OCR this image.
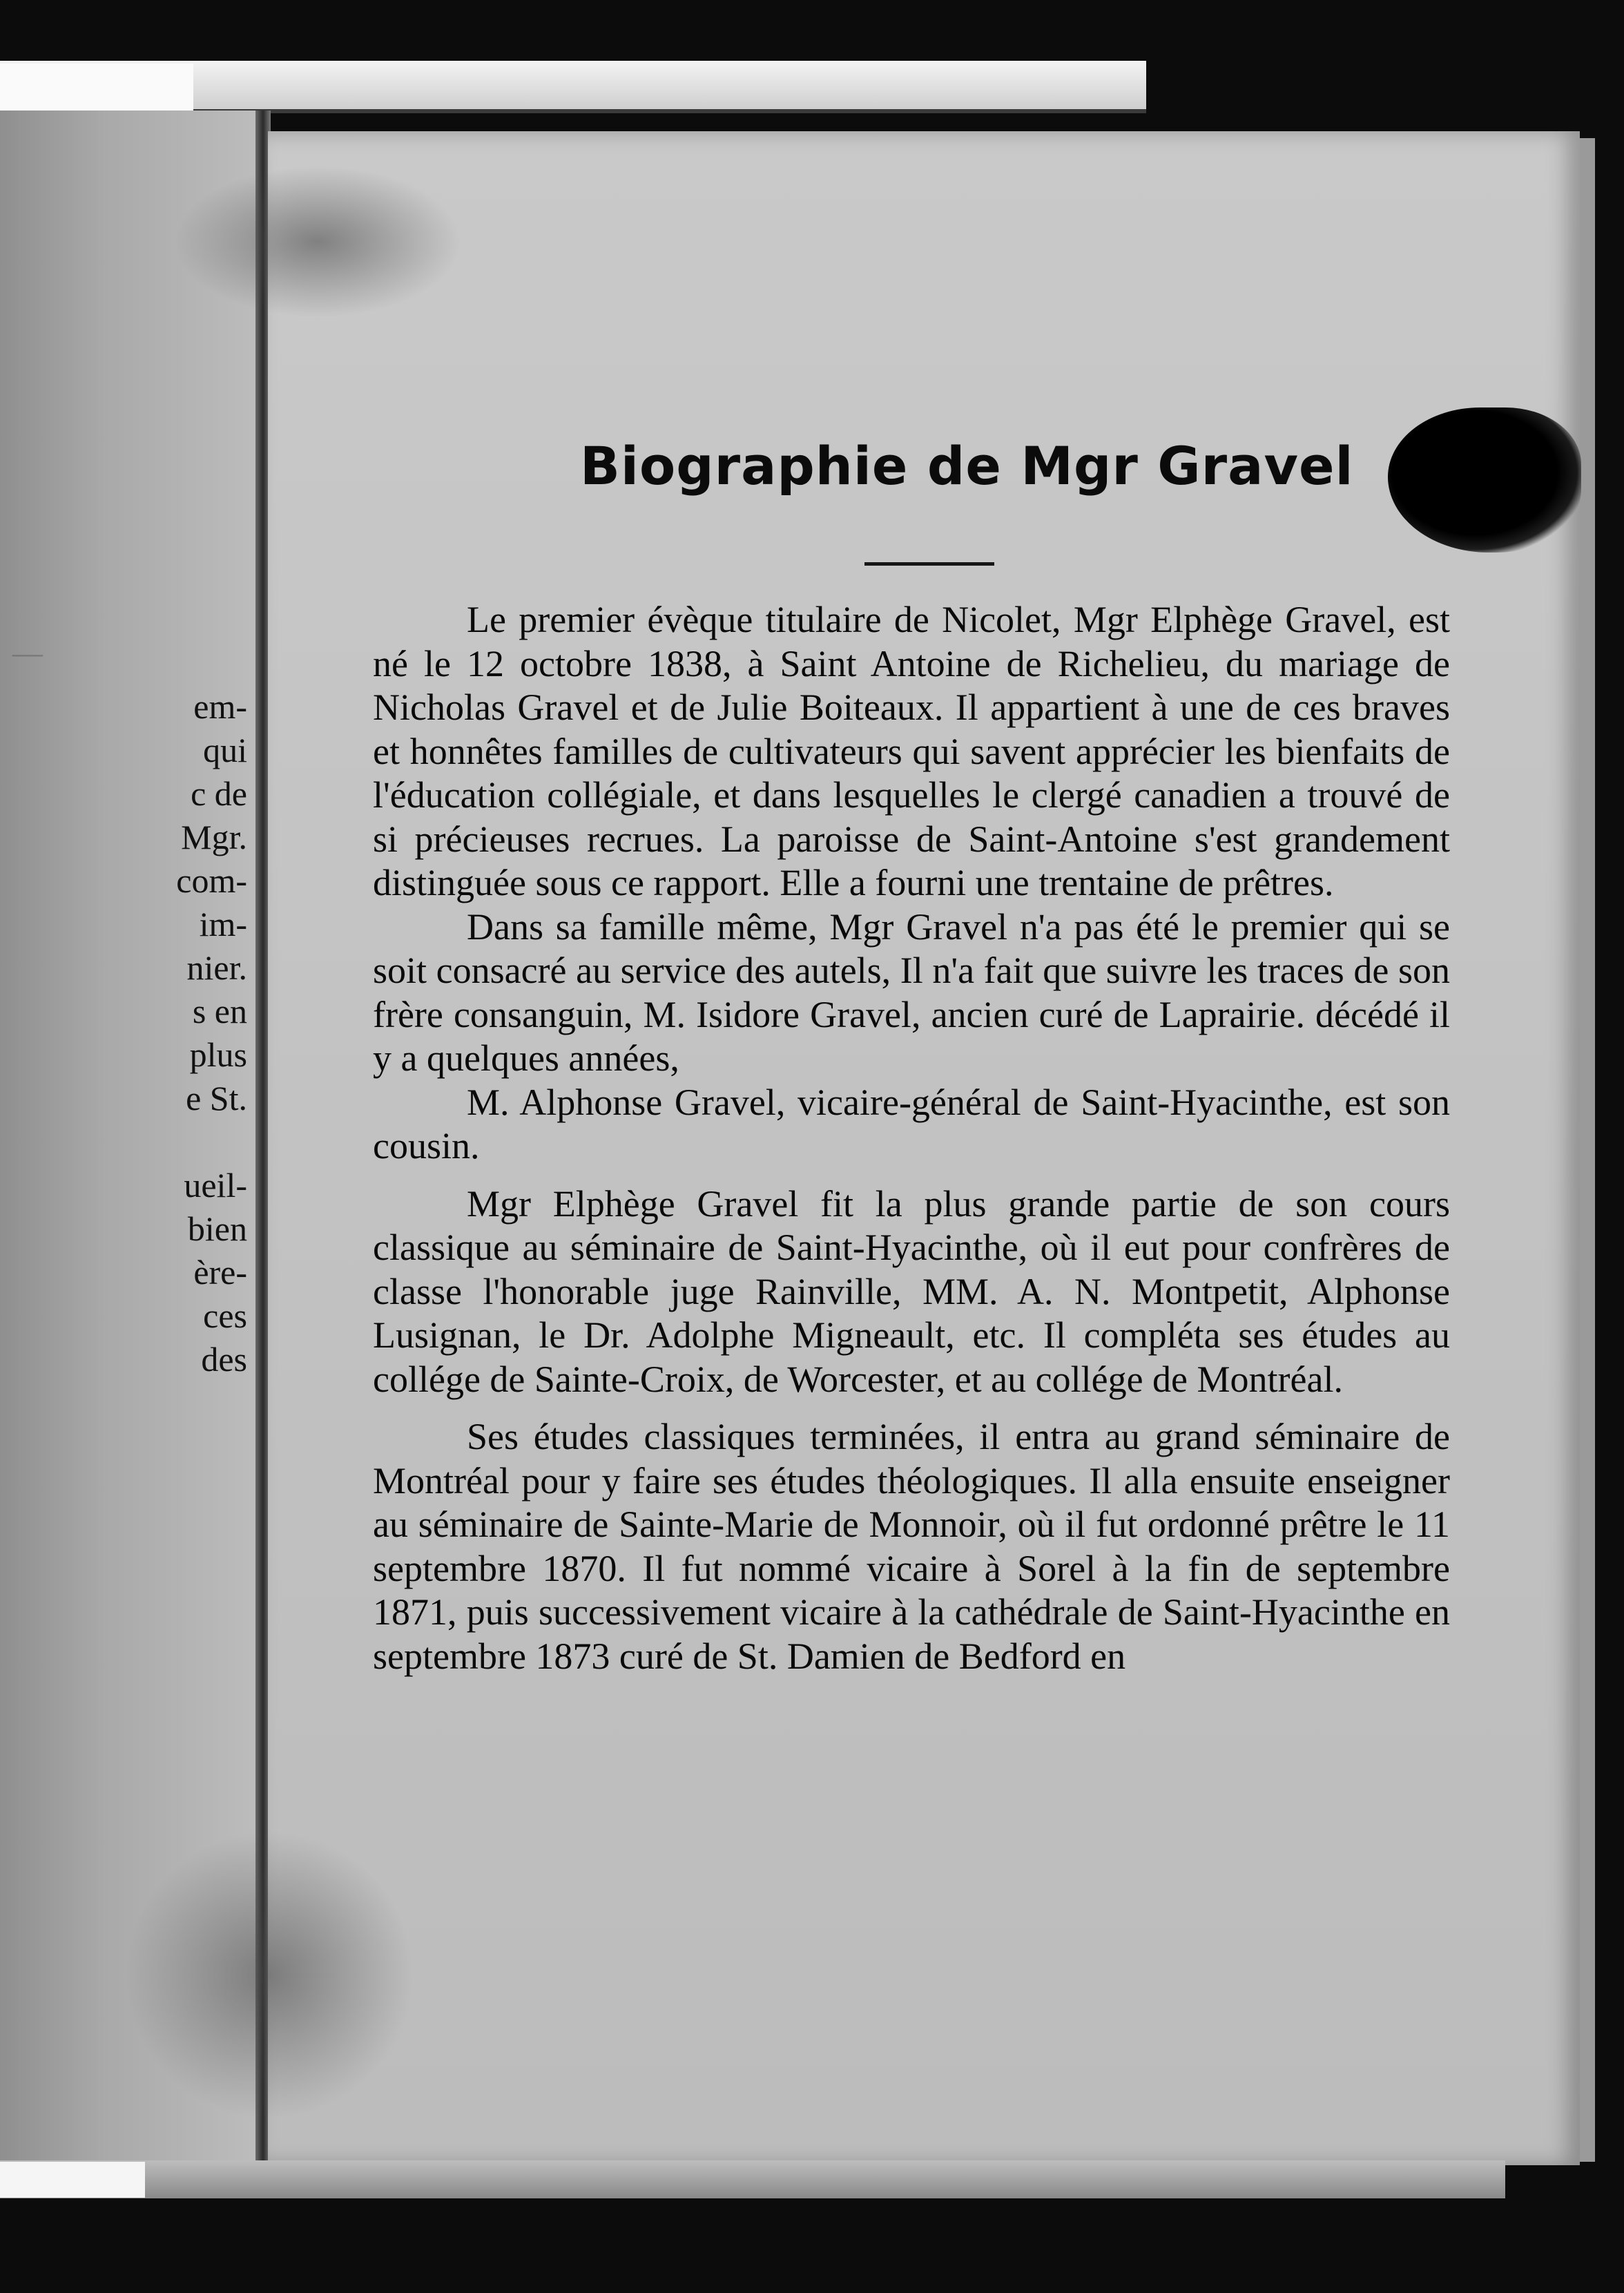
—
em-
qui
c de
Mgr.
com-
im-
nier.
s en
plus
e St.
ueil-
bien
ère-
ces
des
Biographie de Mgr Gravel

Le premier évèque titulaire de Nicolet, Mgr Elphège Gravel, est né le 12 octobre 1838, à Saint Antoine de Richelieu, du mariage de Nicholas Gravel et de Julie Boiteaux. Il appartient à une de ces braves et honnêtes familles de cultivateurs qui savent apprécier les bienfaits de l'éducation collégiale, et dans lesquelles le clergé canadien a trouvé de si précieuses recrues. La paroisse de Saint-Antoine s'est grandement distinguée sous ce rapport. Elle a fourni une trentaine de prêtres.

Dans sa famille même, Mgr Gravel n'a pas été le premier qui se soit consacré au service des autels, Il n'a fait que suivre les traces de son frère consanguin, M. Isidore Gravel, ancien curé de Laprairie. décédé il y a quelques années,

M. Alphonse Gravel, vicaire-général de Saint-Hyacinthe, est son cousin.

Mgr Elphège Gravel fit la plus grande partie de son cours classique au séminaire de Saint-Hyacinthe, où il eut pour confrères de classe l'honorable juge Rainville, MM. A. N. Montpetit, Alphonse Lusignan, le Dr. Adolphe Migneault, etc. Il compléta ses études au collége de Sainte-Croix, de Worcester, et au collége de Montréal.

Ses études classiques terminées, il entra au grand séminaire de Montréal pour y faire ses études théologiques. Il alla ensuite enseigner au séminaire de Sainte-Marie de Monnoir, où il fut ordonné prêtre le 11 septembre 1870. Il fut nommé vicaire à Sorel à la fin de septembre 1871, puis successivement vicaire à la cathédrale de Saint-Hyacinthe en septembre 1873 curé de St. Damien de Bedford en
